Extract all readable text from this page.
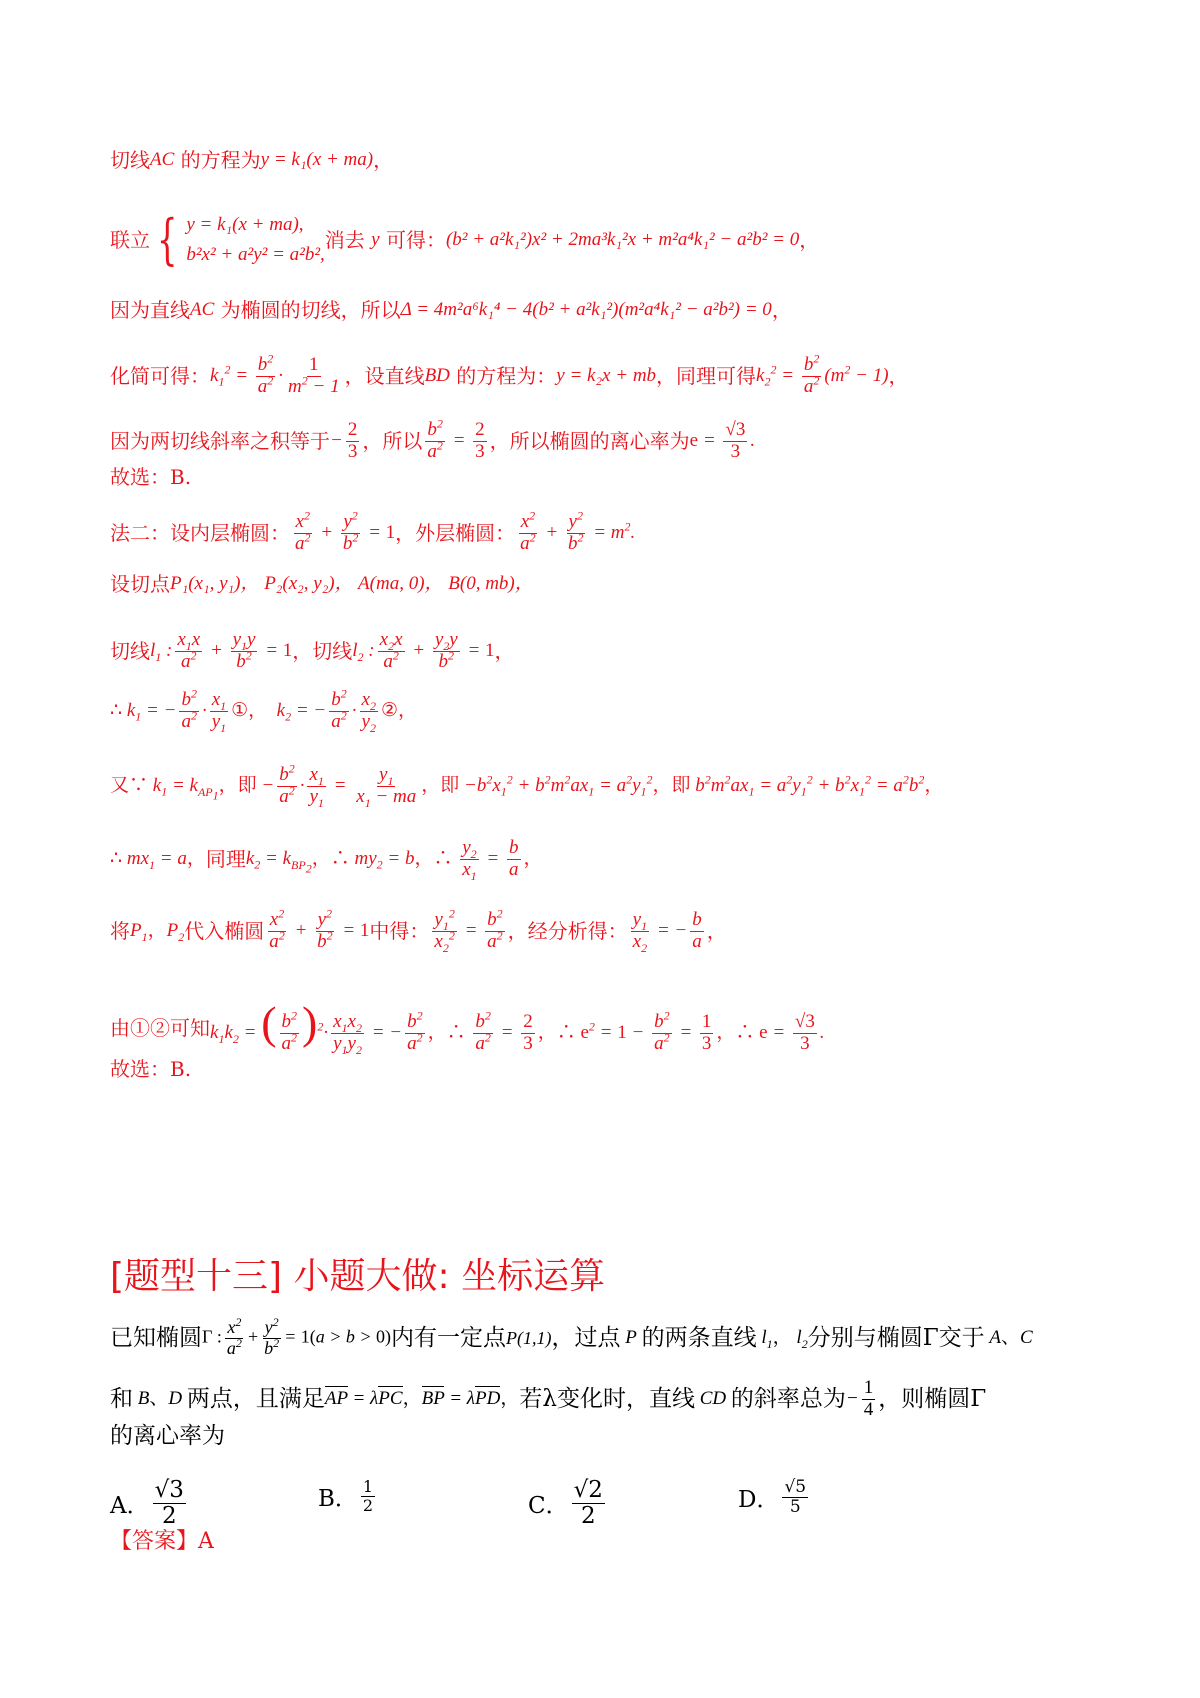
切线 AC
的方程为 y = k₁(x + ma) ，
联立 { y = k₁(x + ma),
b²x² + a²y² = a²b²,
消去
y
可得： (b² + a²k₁²)x² + 2ma³k₁²x + m²a⁴k₁² − a²b² = 0 ，
因为直线 AC
为椭圆的切线，所以 Δ = 4m²a⁶k₁⁴ − 4(b² + a²k₁²)(m²a⁴k₁² − a²b²) = 0 ，
化简可得： $k_1^2 = \frac{b^2}{a^2} \cdot \frac{1}{m^2 - 1}$ ， 设直线 BD
的方程为： y = k₂x + mb ， 同理可得 $k_2^2 = \frac{b^2}{a^2} (m^2 - 1)$ ，
因为两切线斜率之积等于 − $\frac{2}{3}$ ， 所以 $\frac{b^2}{a^2} = \frac{2}{3}$ ， 所以椭圆的离心率为 $e = \frac{√3}{3}$ .
故选：B.
法二：设内层椭圆： $\frac{x^2}{a^2} + \frac{y^2}{b^2} = 1$ ， 外层椭圆： $\frac{x^2}{a^2} + \frac{y^2}{b^2} = m^2$.
设切点 P₁(x₁, y₁)， P₂(x₂, y₂)， A(ma, 0)， B(0, mb)，
切线 $l_1$ : $\frac{x_1x}{a^2} + \frac{y_1y}{b^2} = 1$ ， 切线 $l_2$ : $\frac{x_2x}{a^2} + \frac{y_2y}{b^2} = 1$ ，
∴ $k_1$ = − $\frac{b^2}{a^2} \cdot \frac{x_1}{y_1}$ ①，  $k_2$ = − $\frac{b^2}{a^2} \cdot \frac{x_2}{y_2}$ ②，
又∵ $k_1 = k_{AP_1}$，即 − $\frac{b^2}{a^2} \cdot \frac{x_1}{y_1} = \frac{y_1}{x_1 - ma}$ ，即 $-b^2x_1^2 + b^2m^2ax_1 = a^2y_1^2$，即 $b^2m^2ax_1 = a^2y_1^2 + b^2x_1^2 = a^2b^2$，
∴ $mx_1 = a$， 同理 $k_2 = k_{BP_2}$，∴ $my_2 = b$，∴ $\frac{y_2}{x_1} = \frac{b}{a}$ ，
将 $P_1$，$P_2$ 代入椭圆 $\frac{x^2}{a^2} + \frac{y^2}{b^2} = 1$ 中得： $\frac{y_1^2}{x_2^2} = \frac{b^2}{a^2}$ ， 经分析得： $\frac{y_1}{x_2}$ = − $\frac{b}{a}$ ，
由①②可知 $k_1k_2$ = ( $\frac{b^2}{a^2} )^2\cdot \frac{x_1x_2}{y_1y_2}$ = − $\frac{b^2}{a^2}$ ，∴ $\frac{b^2}{a^2} = \frac{2}{3}$ ，∴ $e^2 = 1 - \frac{b^2}{a^2} = \frac{1}{3}$ ，∴ $e = \frac{√3}{3}$ .
故选：B.
[题型十三] 小题大做: 坐标运算
已知椭圆 Γ : $\frac{x^2}{a^2} + \frac{y^2}{b^2} = 1(a > b > 0)$ 内有一定点 P(1,1) ，过点 P 的两条直线 $l_1$， $l_2$ 分别与椭圆Γ交于 A、C
和 B、D 两点，且满足 AP = λPC，BP = λPD， 若λ变化时，直线 CD 的斜率总为 − $\frac{1}{4}$ ，则椭圆Γ
的离心率为
A． $\frac{√3}{2}$	B． $\frac{1}{2}$	C． $\frac{√2}{2}$	D． $\frac{√5}{5}$
【答案】A
